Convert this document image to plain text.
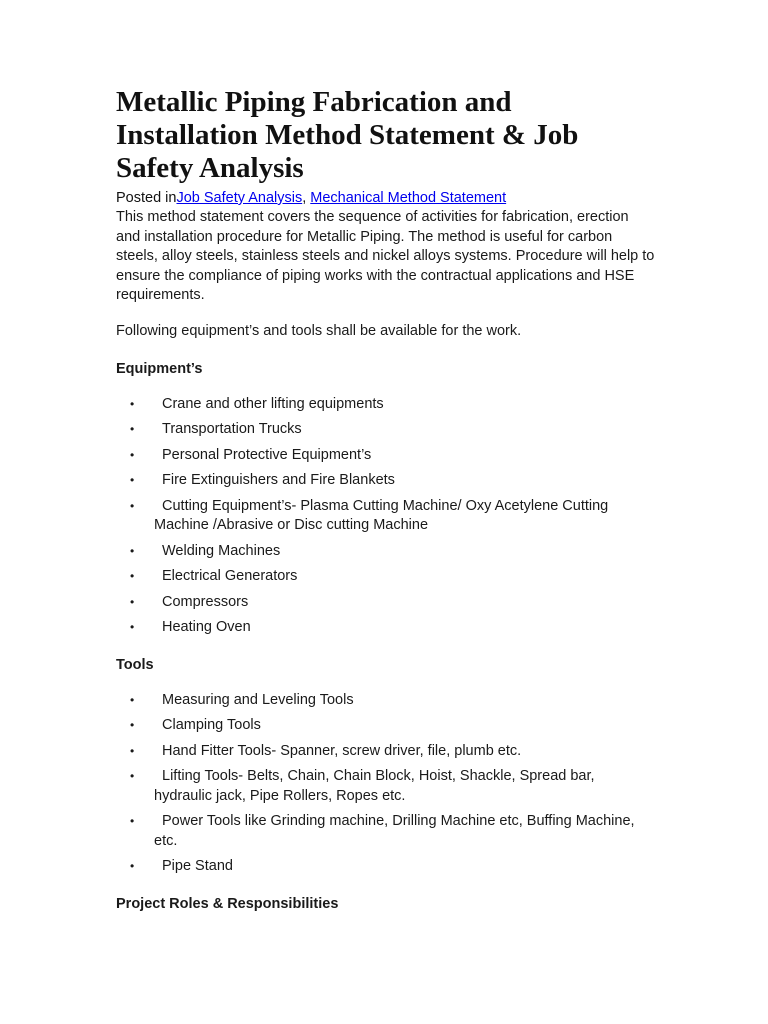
Metallic Piping Fabrication and Installation Method Statement & Job Safety Analysis
Posted inJob Safety Analysis, Mechanical Method Statement

This method statement covers the sequence of activities for fabrication, erection and installation procedure for Metallic Piping. The method is useful for carbon steels, alloy steels, stainless steels and nickel alloys systems. Procedure will help to ensure the compliance of piping works with the contractual applications and HSE requirements.

Following equipment’s and tools shall be available for the work.

Equipment’s
• Crane and other lifting equipments
• Transportation Trucks
• Personal Protective Equipment’s
• Fire Extinguishers and Fire Blankets
•	Cutting Equipment’s- Plasma Cutting Machine/ Oxy Acetylene Cutting Machine /Abrasive or Disc cutting Machine
• Welding Machines
• Electrical Generators
• Compressors
• Heating Oven
Tools
• Measuring and Leveling Tools
• Clamping Tools
• Hand Fitter Tools- Spanner, screw driver, file, plumb etc.
•	Lifting Tools- Belts, Chain, Chain Block, Hoist, Shackle, Spread bar, hydraulic jack, Pipe Rollers, Ropes etc.
•	Power Tools like Grinding machine, Drilling Machine etc, Buffing Machine, etc.
• Pipe Stand
Project Roles & Responsibilities
